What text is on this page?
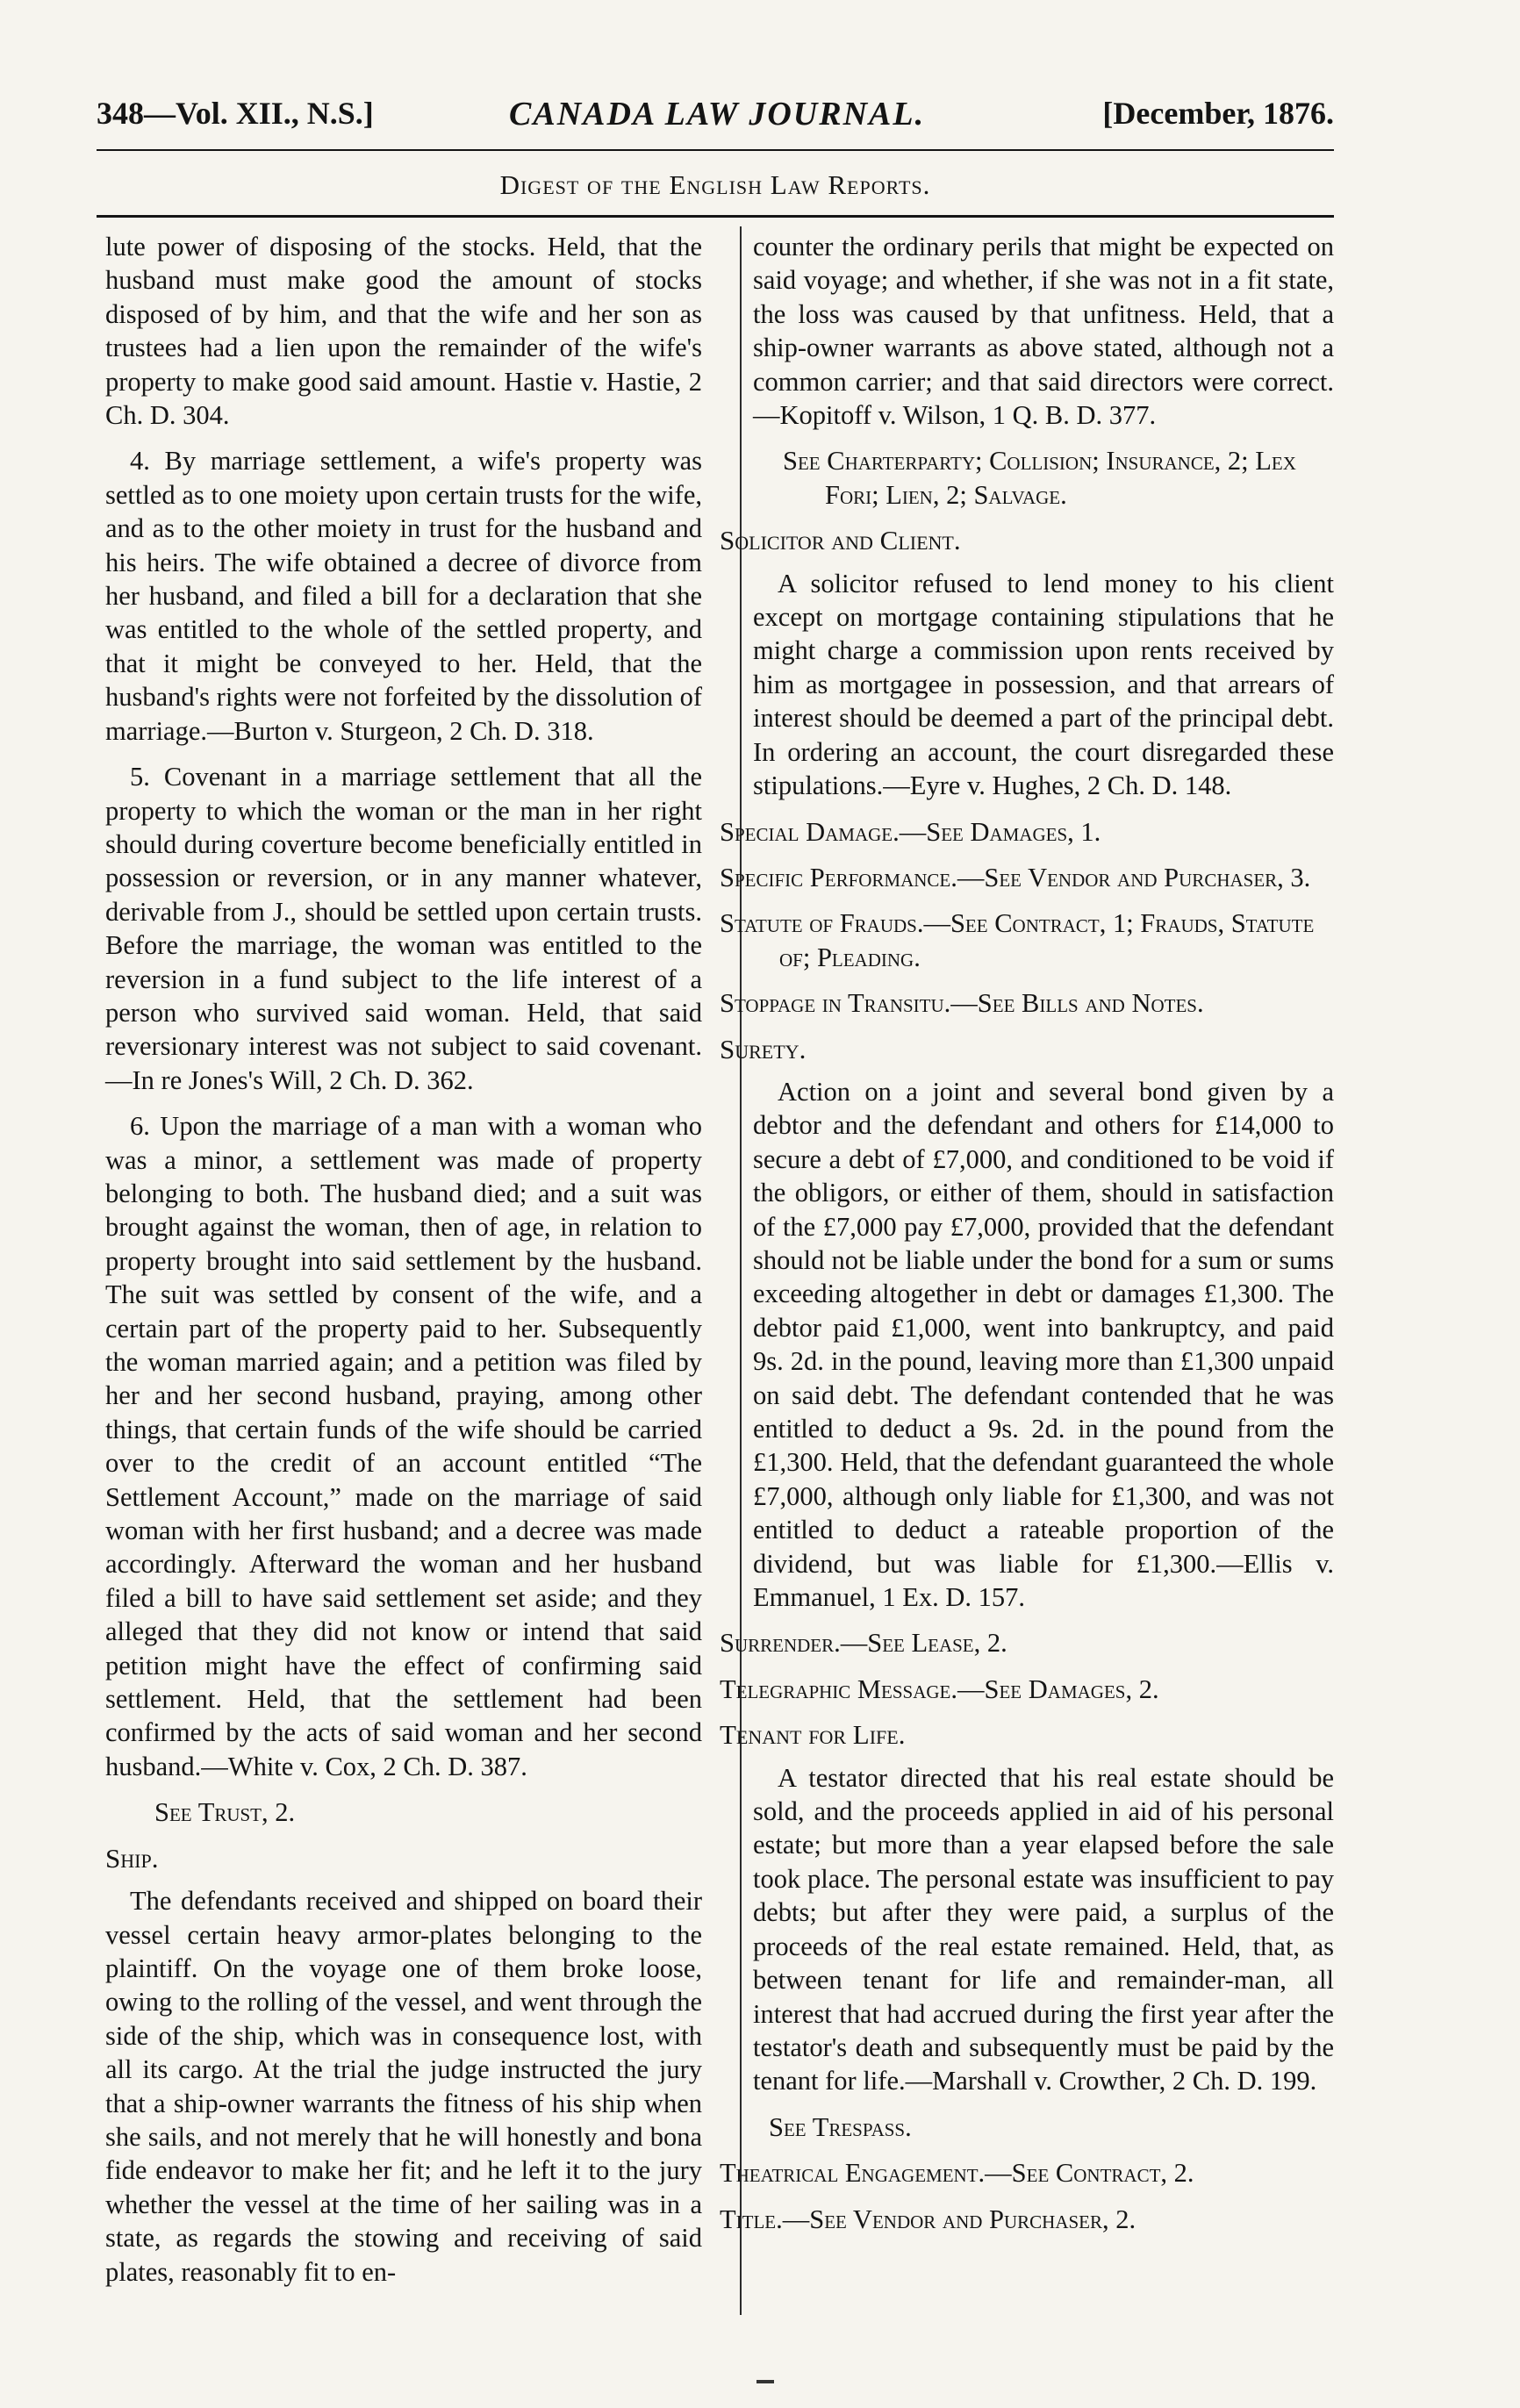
348—Vol. XII., N.S.]	CANADA LAW JOURNAL.	[December, 1876.
Digest of the English Law Reports.

lute power of disposing of the stocks. Held, that the husband must make good the amount of stocks disposed of by him, and that the wife and her son as trustees had a lien upon the remainder of the wife's property to make good said amount. Hastie v. Hastie, 2 Ch. D. 304.

4. By marriage settlement, a wife's property was settled as to one moiety upon certain trusts for the wife, and as to the other moiety in trust for the husband and his heirs. The wife obtained a decree of divorce from her husband, and filed a bill for a declaration that she was entitled to the whole of the settled property, and that it might be conveyed to her. Held, that the husband's rights were not forfeited by the dissolution of marriage.—Burton v. Sturgeon, 2 Ch. D. 318.

5. Covenant in a marriage settlement that all the property to which the woman or the man in her right should during coverture become beneficially entitled in possession or reversion, or in any manner whatever, derivable from J., should be settled upon certain trusts. Before the marriage, the woman was entitled to the reversion in a fund subject to the life interest of a person who survived said woman. Held, that said reversionary interest was not subject to said covenant.—In re Jones's Will, 2 Ch. D. 362.

6. Upon the marriage of a man with a woman who was a minor, a settlement was made of property belonging to both. The husband died; and a suit was brought against the woman, then of age, in relation to property brought into said settlement by the husband. The suit was settled by consent of the wife, and a certain part of the property paid to her. Subsequently the woman married again; and a petition was filed by her and her second husband, praying, among other things, that certain funds of the wife should be carried over to the credit of an account entitled “The Settlement Account,” made on the marriage of said woman with her first husband; and a decree was made accordingly. Afterward the woman and her husband filed a bill to have said settlement set aside; and they alleged that they did not know or intend that said petition might have the effect of confirming said settlement. Held, that the settlement had been confirmed by the acts of said woman and her second husband.—White v. Cox, 2 Ch. D. 387.

See Trust, 2.

Ship.

The defendants received and shipped on board their vessel certain heavy armor-plates belonging to the plaintiff. On the voyage one of them broke loose, owing to the rolling of the vessel, and went through the side of the ship, which was in consequence lost, with all its cargo. At the trial the judge instructed the jury that a ship-owner warrants the fitness of his ship when she sails, and not merely that he will honestly and bona fide endeavor to make her fit; and he left it to the jury whether the vessel at the time of her sailing was in a state, as regards the stowing and receiving of said plates, reasonably fit to en-

counter the ordinary perils that might be expected on said voyage; and whether, if she was not in a fit state, the loss was caused by that unfitness. Held, that a ship-owner warrants as above stated, although not a common carrier; and that said directors were correct.—Kopitoff v. Wilson, 1 Q. B. D. 377.

See Charterparty; Collision; Insurance, 2; Lex Fori; Lien, 2; Salvage.

Solicitor and Client.

A solicitor refused to lend money to his client except on mortgage containing stipulations that he might charge a commission upon rents received by him as mortgagee in possession, and that arrears of interest should be deemed a part of the principal debt. In ordering an account, the court disregarded these stipulations.—Eyre v. Hughes, 2 Ch. D. 148.

Special Damage.—See Damages, 1.

Specific Performance.—See Vendor and Purchaser, 3.

Statute of Frauds.—See Contract, 1; Frauds, Statute of; Pleading.

Stoppage in Transitu.—See Bills and Notes.

Surety.

Action on a joint and several bond given by a debtor and the defendant and others for £14,000 to secure a debt of £7,000, and conditioned to be void if the obligors, or either of them, should in satisfaction of the £7,000 pay £7,000, provided that the defendant should not be liable under the bond for a sum or sums exceeding altogether in debt or damages £1,300. The debtor paid £1,000, went into bankruptcy, and paid 9s. 2d. in the pound, leaving more than £1,300 unpaid on said debt. The defendant contended that he was entitled to deduct a 9s. 2d. in the pound from the £1,300. Held, that the defendant guaranteed the whole £7,000, although only liable for £1,300, and was not entitled to deduct a rateable proportion of the dividend, but was liable for £1,300.—Ellis v. Emmanuel, 1 Ex. D. 157.

Surrender.—See Lease, 2.

Telegraphic Message.—See Damages, 2.

Tenant for Life.

A testator directed that his real estate should be sold, and the proceeds applied in aid of his personal estate; but more than a year elapsed before the sale took place. The personal estate was insufficient to pay debts; but after they were paid, a surplus of the proceeds of the real estate remained. Held, that, as between tenant for life and remainder-man, all interest that had accrued during the first year after the testator's death and subsequently must be paid by the tenant for life.—Marshall v. Crowther, 2 Ch. D. 199.

See Trespass.

Theatrical Engagement.—See Contract, 2.

Title.—See Vendor and Purchaser, 2.
